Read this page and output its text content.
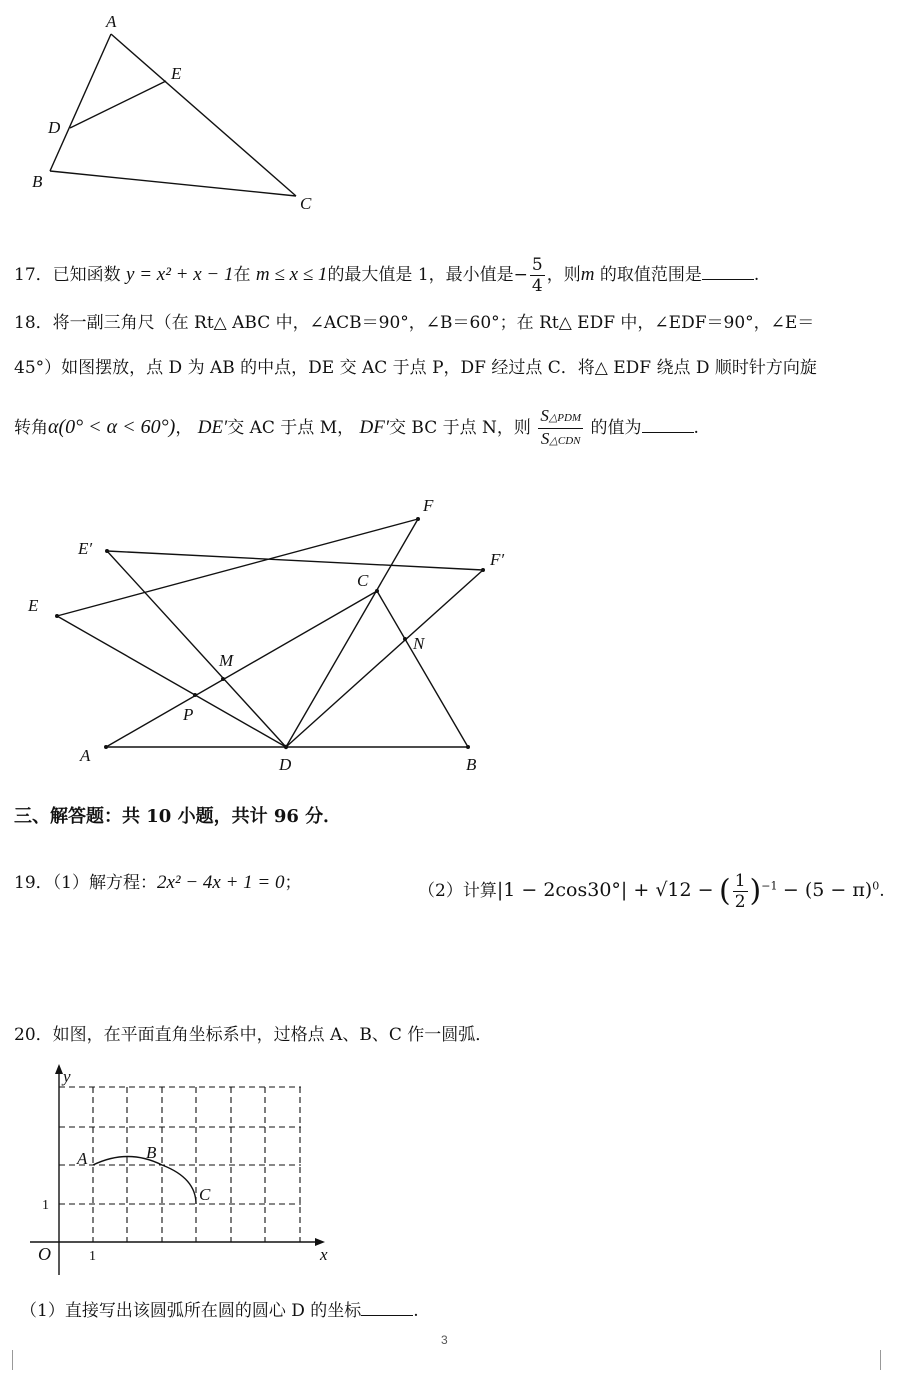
A
E
D
B
C
17．已知函数 y = x² + x − 1在 m ≤ x ≤ 1的最大值是 1，最小值是− $\frac{5}{4}$ ，则m 的取值范围是	.
18．将一副三角尺（在 Rt△ ABC 中，∠ACB＝90°，∠B＝60°；在 Rt△ EDF 中，∠EDF＝90°，∠E＝
45°）如图摆放，点 D 为 AB 的中点，DE 交 AC 于点 P，DF 经过点 C．将△ EDF 绕点 D 顺时针方向旋
转角α(0° < α < 60°)， DE′交 AC 于点 M， DF′交 BC 于点 N，则 $\frac{\text{S△PDM}}{\text{S△CDN}}$ 的值为	.
F
E′
F′
C
E
M
N
P
A	D	B
三、解答题：共 10 小题，共计 96 分．
19．（1）解方程：2x² − 4x + 1 = 0；	（2）计算|1 − 2cos30°| + √12 − ( $\frac{1}{2} )^{-1} - (5 - \pi)^0$.
20．如图，在平面直角坐标系中，过格点 A、B、C 作一圆弧．
y
A	B
C
1
O	1	x
（1）直接写出该圆弧所在圆的圆心 D 的坐标	.
3
